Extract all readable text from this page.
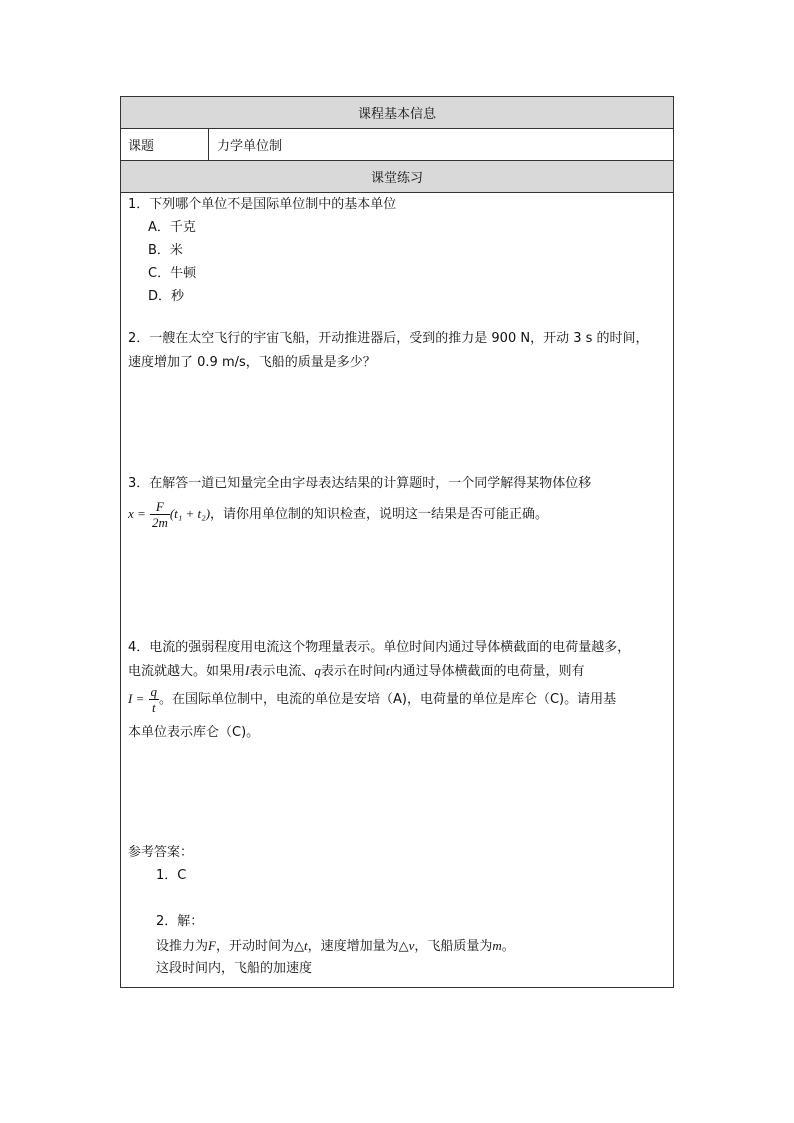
课程基本信息
课题	力学单位制
课堂练习
1．下列哪个单位不是国际单位制中的基本单位
A．千克
B．米
C．牛顿
D．秒
2．一艘在太空飞行的宇宙飞船，开动推进器后，受到的推力是 900 N，开动 3 s 的时间，
速度增加了 0.9 m/s，飞船的质量是多少？
3．在解答一道已知量完全由字母表达结果的计算题时，一个同学解得某物体位移
$x = \frac{F}{2m} (t_1 + t_2)$，请你用单位制的知识检查，说明这一结果是否可能正确。
4．电流的强弱程度用电流这个物理量表示。单位时间内通过导体横截面的电荷量越多，
电流就越大。如果用I表示电流、q表示在时间t内通过导体横截面的电荷量，则有
$I = \frac{q}{t}$ 。在国际单位制中，电流的单位是安培（A)，电荷量的单位是库仑（C)。请用基
本单位表示库仑（C)。
参考答案：
1．C
2．解：
设推力为F，开动时间为△t，速度增加量为△v，飞船质量为m。
这段时间内，飞船的加速度
